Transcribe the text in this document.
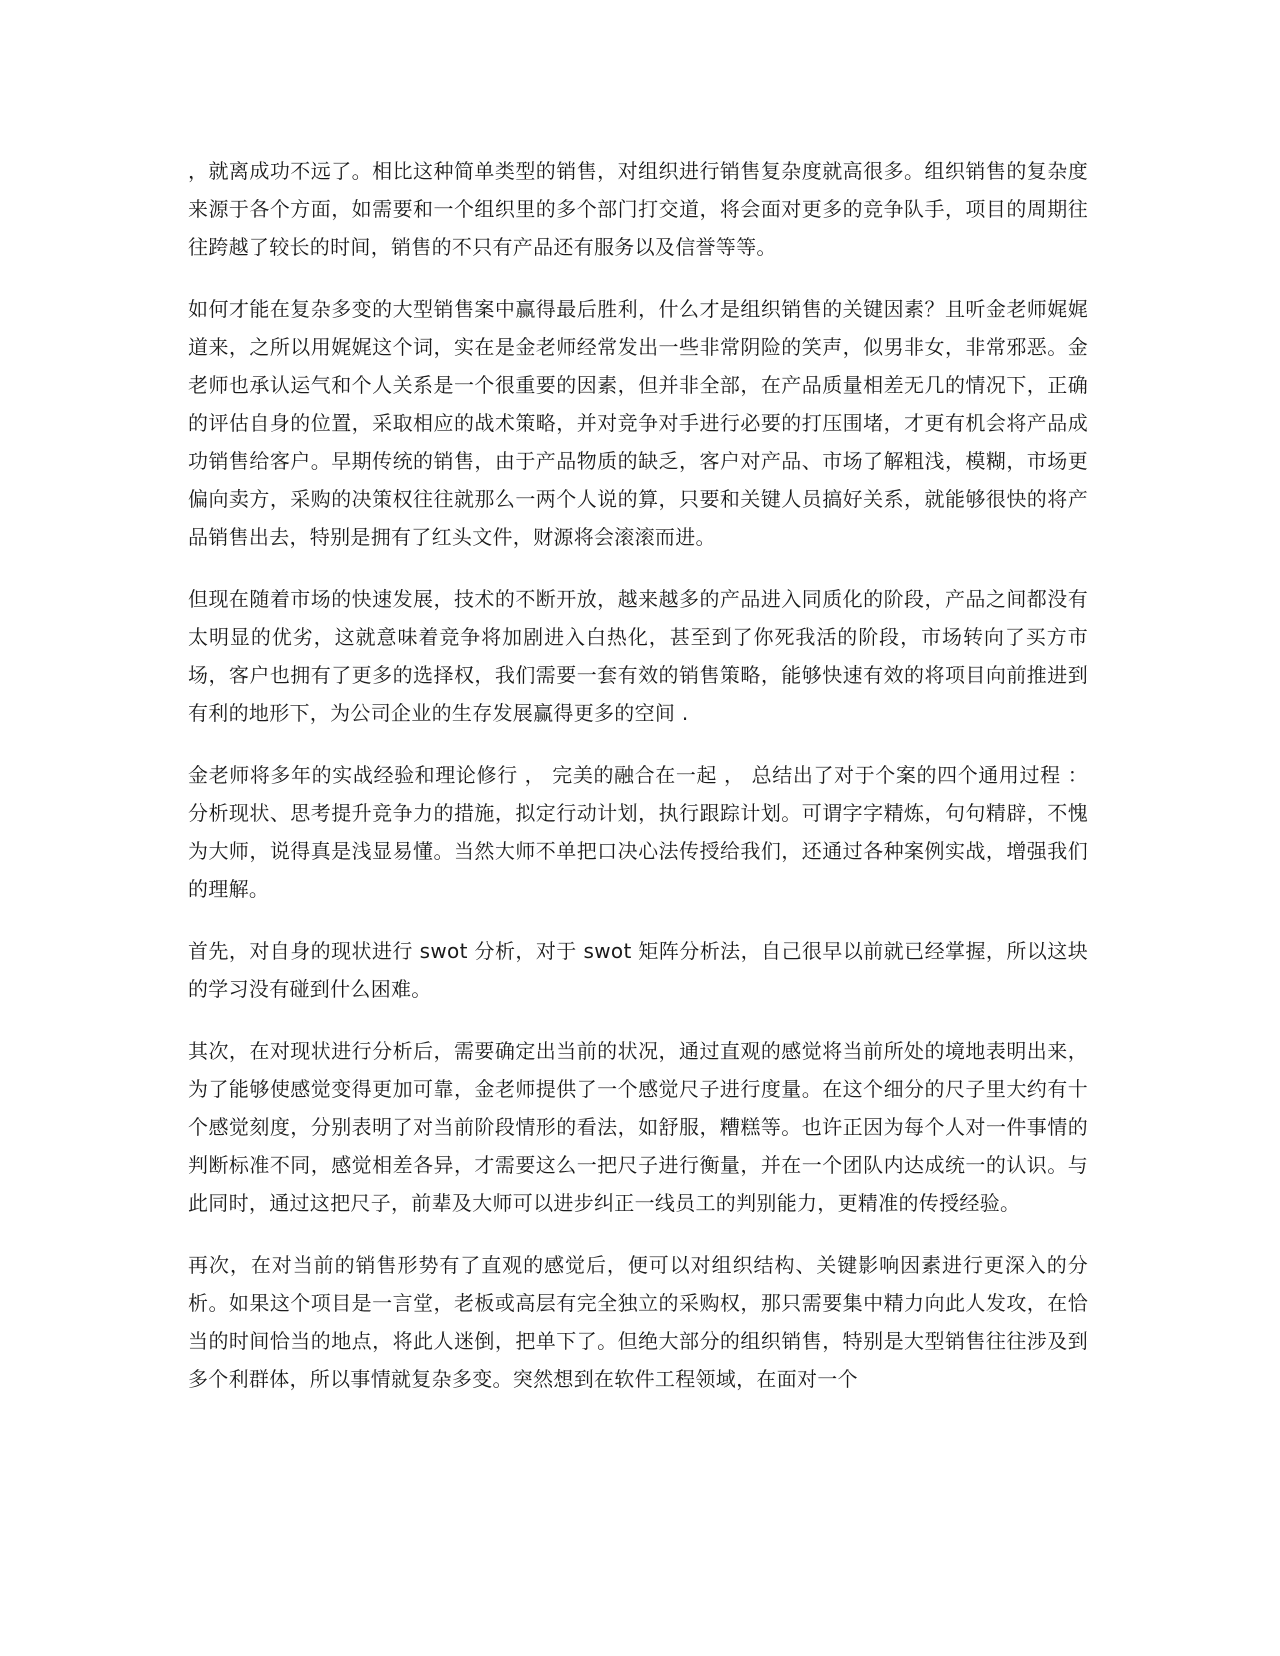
，就离成功不远了。相比这种简单类型的销售，对组织进行销售复杂度就高很多。组织销售的复杂度来源于各个方面，如需要和一个组织里的多个部门打交道，将会面对更多的竞争队手，项目的周期往往跨越了较长的时间，销售的不只有产品还有服务以及信誉等等。

如何才能在复杂多变的大型销售案中赢得最后胜利，什么才是组织销售的关键因素？且听金老师娓娓道来，之所以用娓娓这个词，实在是金老师经常发出一些非常阴险的笑声，似男非女，非常邪恶。金老师也承认运气和个人关系是一个很重要的因素，但并非全部，在产品质量相差无几的情况下，正确的评估自身的位置，采取相应的战术策略，并对竞争对手进行必要的打压围堵，才更有机会将产品成功销售给客户。早期传统的销售，由于产品物质的缺乏，客户对产品、市场了解粗浅，模糊，市场更偏向卖方，采购的决策权往往就那么一两个人说的算，只要和关键人员搞好关系，就能够很快的将产品销售出去，特别是拥有了红头文件，财源将会滚滚而进。

但现在随着市场的快速发展，技术的不断开放，越来越多的产品进入同质化的阶段，产品之间都没有太明显的优劣，这就意味着竞争将加剧进入白热化，甚至到了你死我活的阶段，市场转向了买方市场，客户也拥有了更多的选择权，我们需要一套有效的销售策略，能够快速有效的将项目向前推进到有利的地形下，为公司企业的生存发展赢得更多的空间 .

金老师将多年的实战经验和理论修行 ， 完美的融合在一起 ， 总结出了对于个案的四个通用过程 ：分析现状、思考提升竞争力的措施，拟定行动计划，执行跟踪计划。可谓字字精炼，句句精辟，不愧为大师，说得真是浅显易懂。当然大师不单把口决心法传授给我们，还通过各种案例实战，增强我们的理解。

首先，对自身的现状进行 swot 分析，对于 swot 矩阵分析法，自己很早以前就已经掌握，所以这块的学习没有碰到什么困难。

其次，在对现状进行分析后，需要确定出当前的状况，通过直观的感觉将当前所处的境地表明出来，为了能够使感觉变得更加可靠，金老师提供了一个感觉尺子进行度量。在这个细分的尺子里大约有十个感觉刻度，分别表明了对当前阶段情形的看法，如舒服，糟糕等。也许正因为每个人对一件事情的判断标准不同，感觉相差各异，才需要这么一把尺子进行衡量，并在一个团队内达成统一的认识。与此同时，通过这把尺子，前辈及大师可以进步纠正一线员工的判别能力，更精准的传授经验。

再次，在对当前的销售形势有了直观的感觉后，便可以对组织结构、关键影响因素进行更深入的分析。如果这个项目是一言堂，老板或高层有完全独立的采购权，那只需要集中精力向此人发攻，在恰当的时间恰当的地点，将此人迷倒，把单下了。但绝大部分的组织销售，特别是大型销售往往涉及到多个利群体，所以事情就复杂多变。突然想到在软件工程领域，在面对一个
